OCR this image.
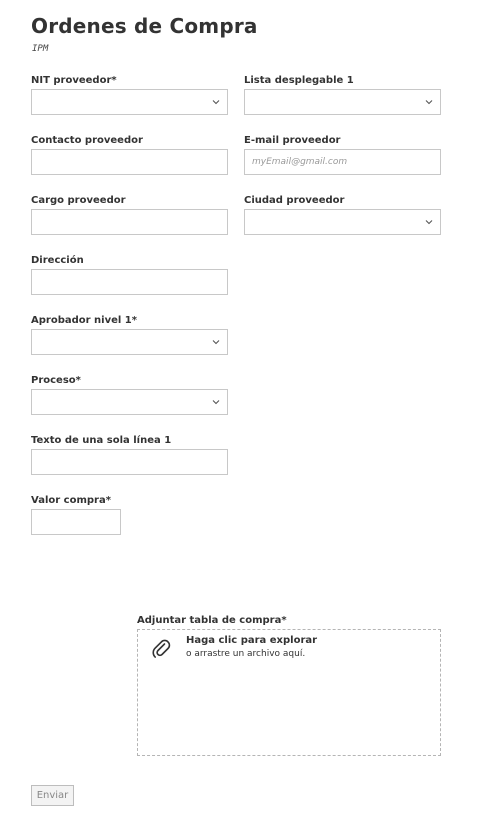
Ordenes de Compra
IPM
NIT proveedor*	Lista desplegable 1
Contacto proveedor	E-mail proveedor
myEmail@gmail.com
Cargo proveedor	Ciudad proveedor
Dirección
Aprobador nivel 1*
Proceso*
Texto de una sola línea 1
Valor compra*
Adjuntar tabla de compra*
Haga clic para explorar
o arrastre un archivo aquí.
Enviar
